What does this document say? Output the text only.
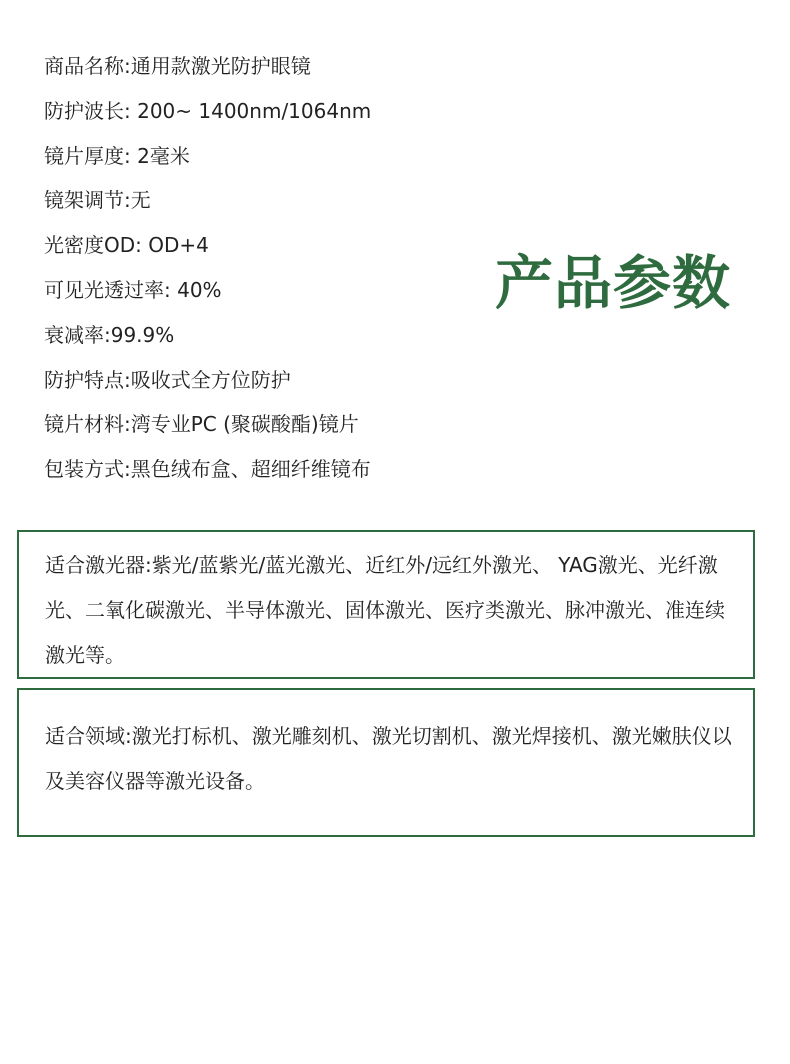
商品名称:通用款激光防护眼镜
防护波长: 200~ 1400nm/1064nm
镜片厚度: 2毫米
镜架调节:无
光密度OD: OD+4
可见光透过率: 40%
衰减率:99.9%
防护特点:吸收式全方位防护
镜片材料:湾专业PC (聚碳酸酯)镜片
包装方式:黑色绒布盒、超细纤维镜布
产品参数

适合激光器:紫光/蓝紫光/蓝光激光、近红外/远红外激光、 YAG激光、光纤激光、二氧化碳激光、半导体激光、固体激光、医疗类激光、脉冲激光、准连续激光等。

适合领域:激光打标机、激光雕刻机、激光切割机、激光焊接机、激光嫩肤仪以及美容仪器等激光设备。
